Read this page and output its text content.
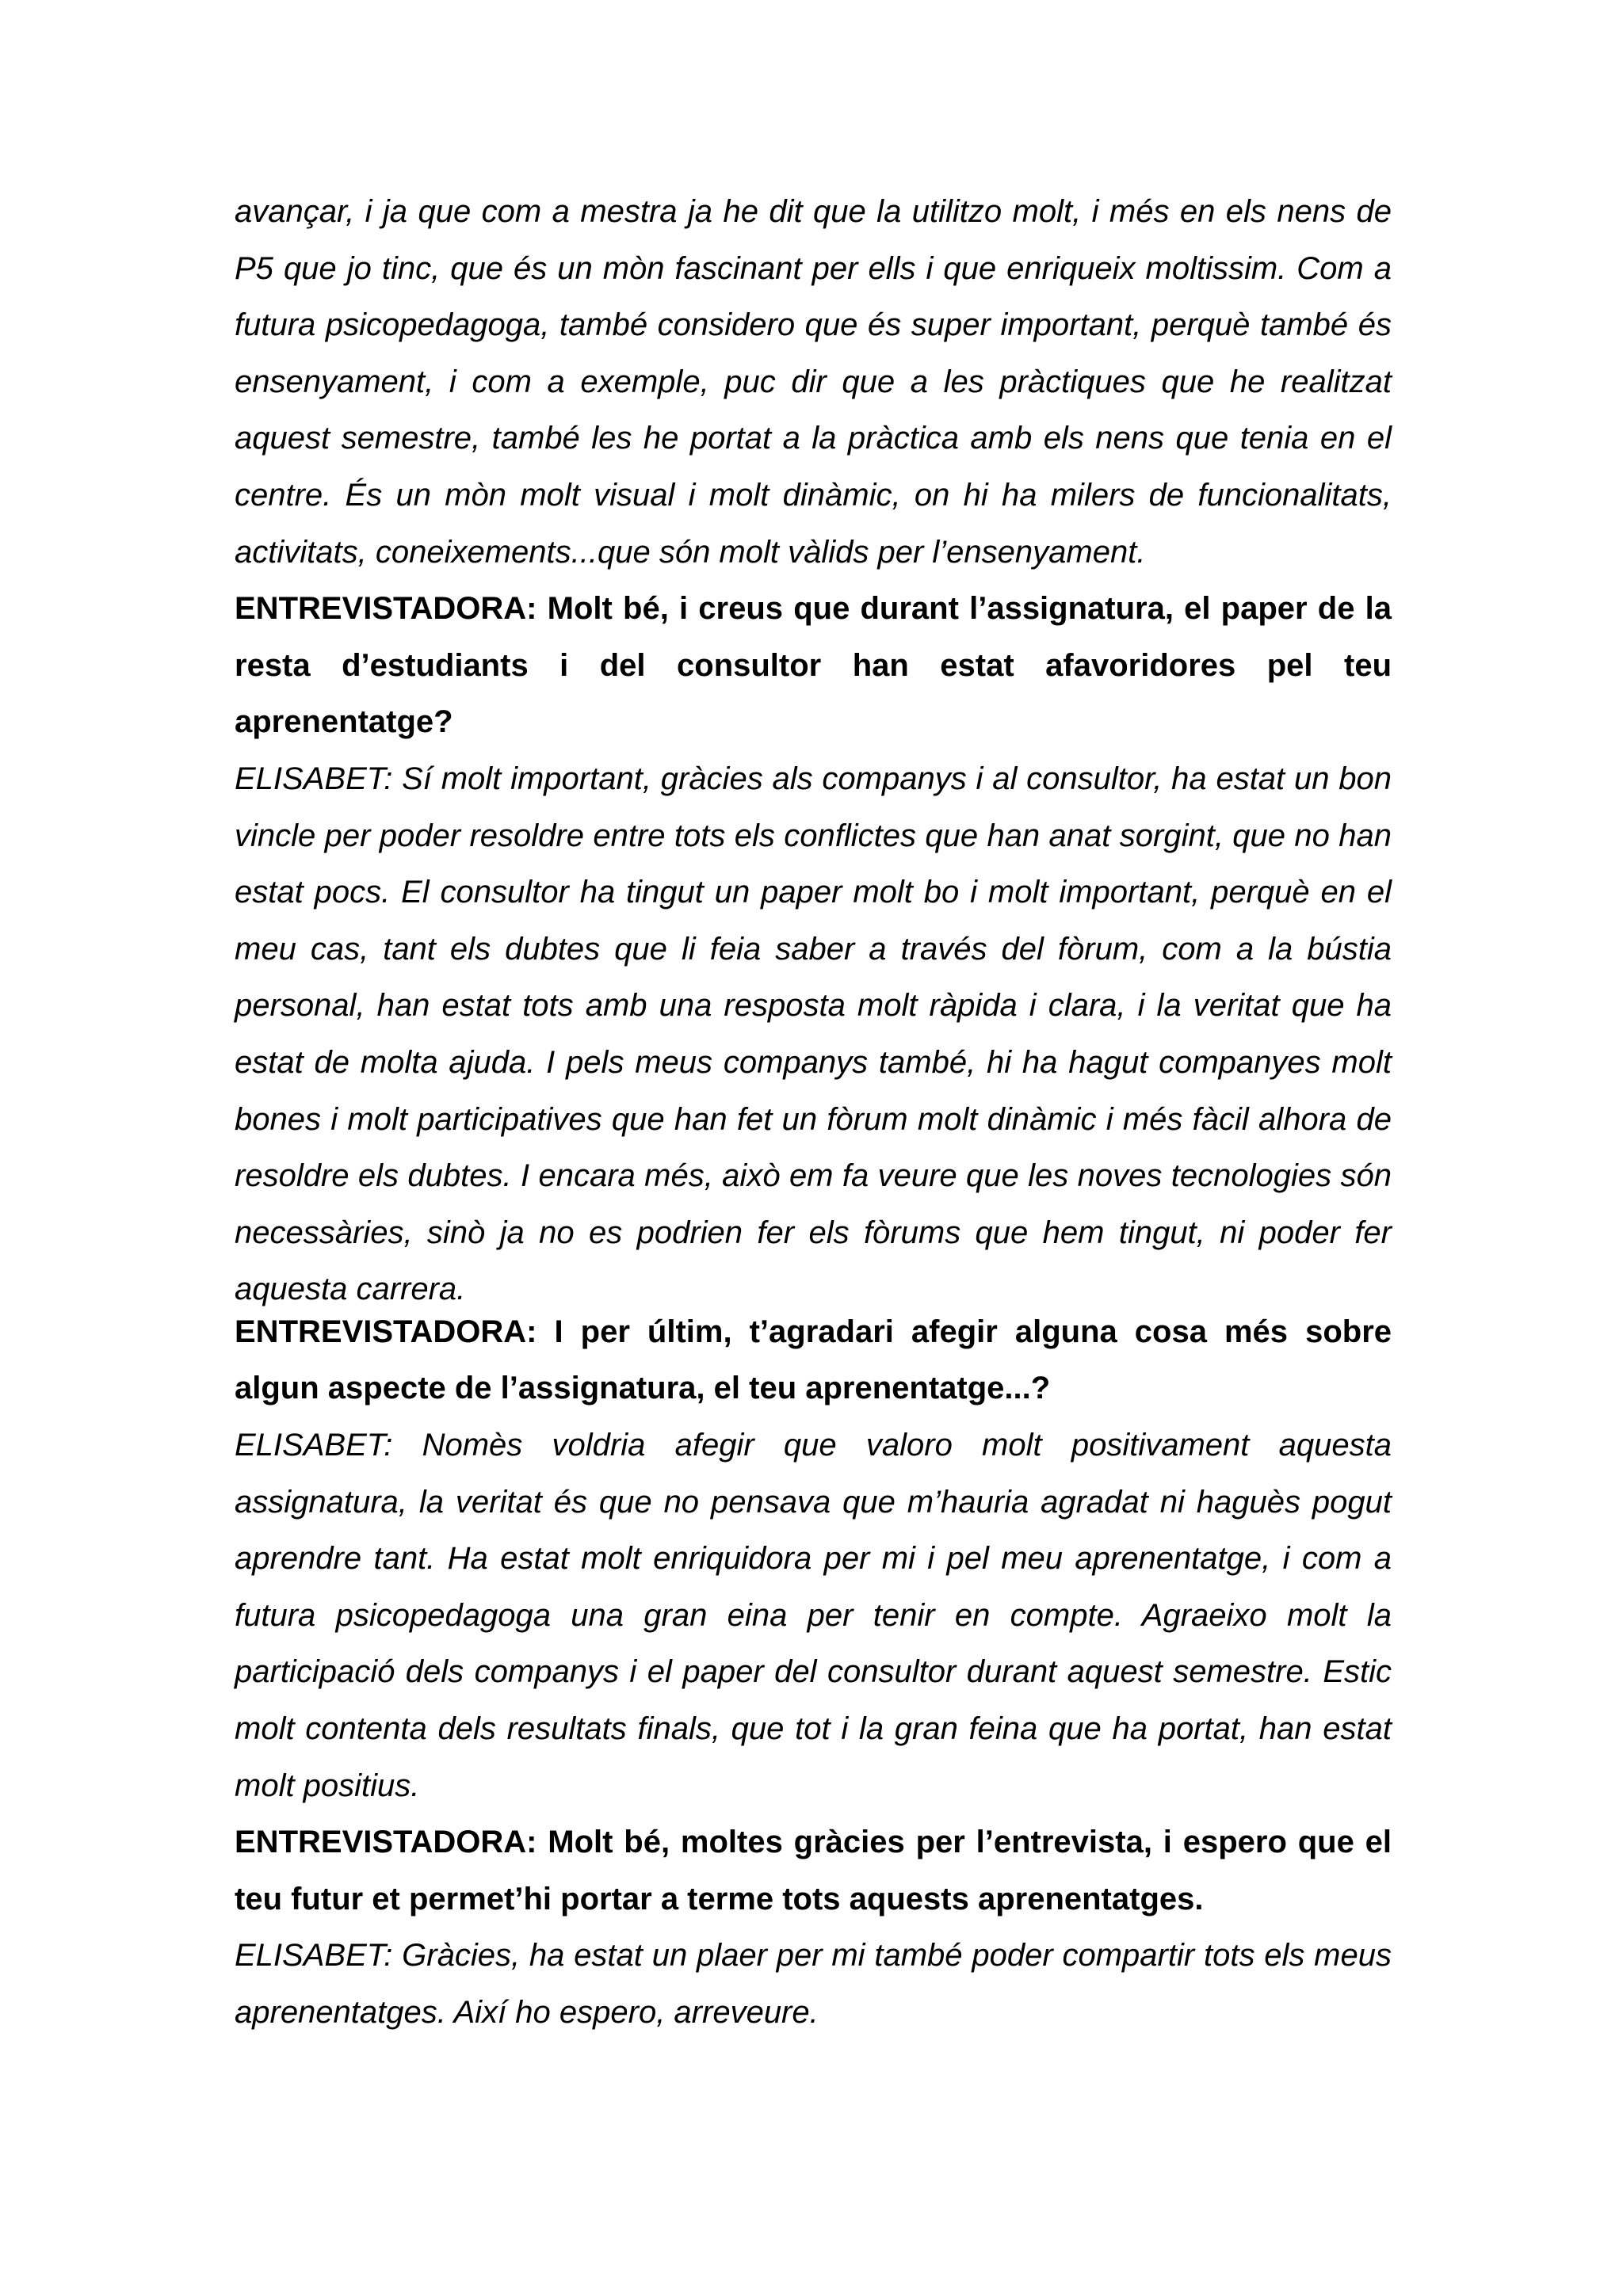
avançar, i ja que com a mestra ja he dit que la utilitzo molt, i més en els nens de P5 que jo tinc, que és un mòn fascinant per ells i que enriqueix moltissim. Com a futura psicopedagoga, també considero que és super important, perquè també és ensenyament, i com a exemple, puc dir que a les pràctiques que he realitzat aquest semestre, també les he portat a la pràctica amb els nens que tenia en el centre. És un mòn molt visual i molt dinàmic, on hi ha milers de funcionalitats, activitats, coneixements...que són molt vàlids per l’ensenyament.

ENTREVISTADORA: Molt bé, i creus que durant l’assignatura, el paper de la resta d’estudiants i del consultor han estat afavoridores pel teu aprenentatge?

ELISABET: Sí molt important, gràcies als companys i al consultor, ha estat un bon vincle per poder resoldre entre tots els conflictes que han anat sorgint, que no han estat pocs. El consultor ha tingut un paper molt bo i molt important, perquè en el meu cas, tant els dubtes que li feia saber a través del fòrum, com a la bústia personal, han estat tots amb una resposta molt ràpida i clara, i la veritat que ha estat de molta ajuda. I pels meus companys també, hi ha hagut companyes molt bones i molt participatives que han fet un fòrum molt dinàmic i més fàcil alhora de resoldre els dubtes. I encara més, això em fa veure que les noves tecnologies són necessàries, sinò ja no es podrien fer els fòrums que hem tingut, ni poder fer aquesta carrera.

ENTREVISTADORA: I per últim, t’agradari afegir alguna cosa més sobre algun aspecte de l’assignatura, el teu aprenentatge...?

ELISABET: Nomès voldria afegir que valoro molt positivament aquesta assignatura, la veritat és que no pensava que m’hauria agradat ni haguès pogut aprendre tant. Ha estat molt enriquidora per mi i pel meu aprenentatge, i com a futura psicopedagoga una gran eina per tenir en compte. Agraeixo molt la participació dels companys i el paper del consultor durant aquest semestre. Estic molt contenta dels resultats finals, que tot i la gran feina que ha portat, han estat molt positius.

ENTREVISTADORA: Molt bé, moltes gràcies per l’entrevista, i espero que el teu futur et permet’hi portar a terme tots aquests aprenentatges.

ELISABET: Gràcies, ha estat un plaer per mi també poder compartir tots els meus aprenentatges. Així ho espero, arreveure.
